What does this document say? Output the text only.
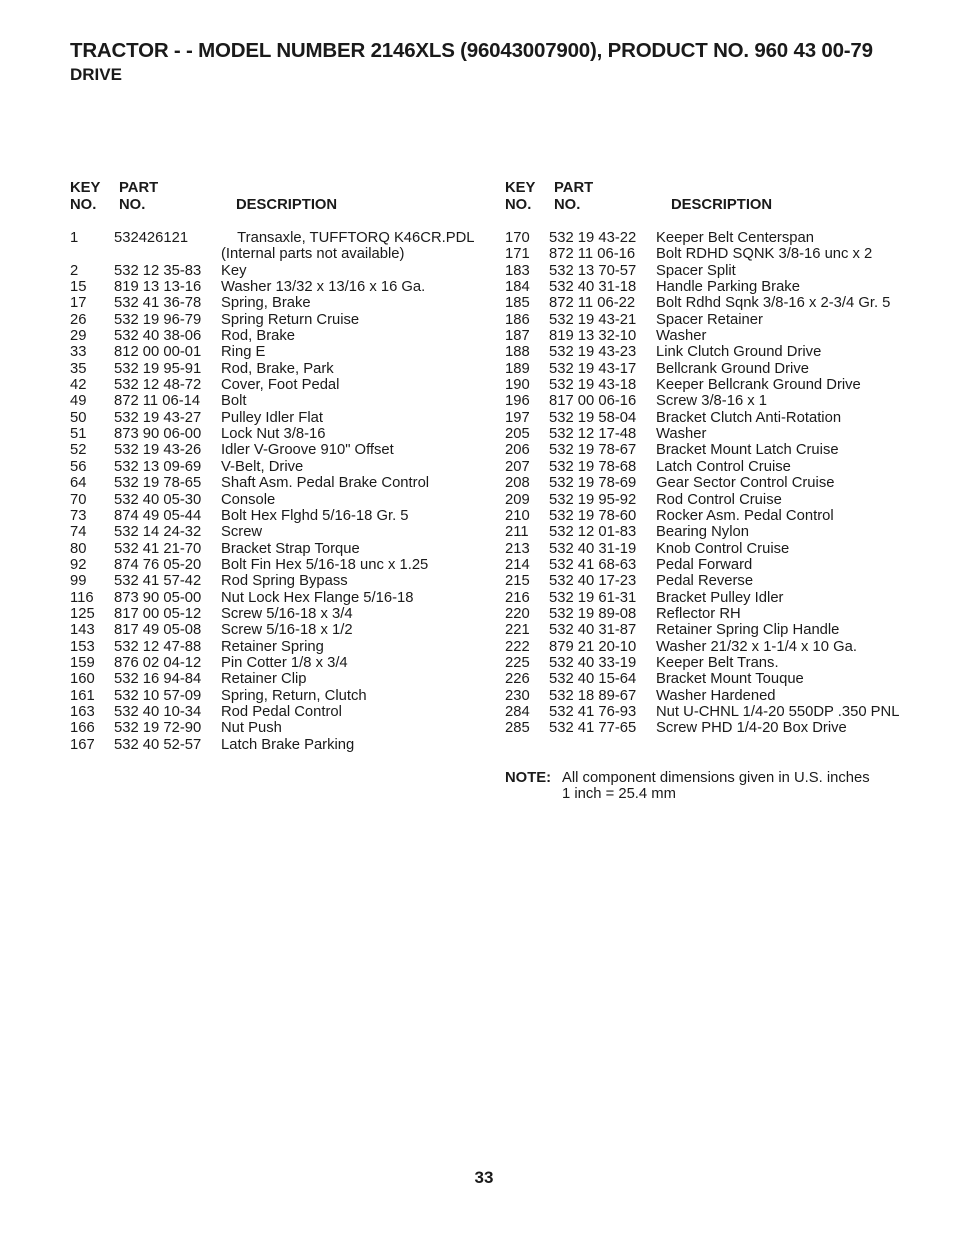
TRACTOR - - MODEL NUMBER 2146XLS (96043007900), PRODUCT NO. 960 43 00-79
DRIVE
KEY
NO.
PART
NO.	DESCRIPTION
1 532426121 Transaxle, TUFFTORQ K46CR.PDL
(Internal parts not available)
2 532 12 35-83 Key
15 819 13 13-16 Washer 13/32 x 13/16 x 16 Ga.
17 532 41 36-78 Spring, Brake
26 532 19 96-79 Spring Return Cruise
29 532 40 38-06 Rod, Brake
33 812 00 00-01 Ring E
35 532 19 95-91 Rod, Brake, Park
42 532 12 48-72 Cover, Foot Pedal
49 872 11 06-14 Bolt
50 532 19 43-27 Pulley Idler Flat
51 873 90 06-00 Lock Nut 3/8-16
52 532 19 43-26 Idler V-Groove 910" Offset
56 532 13 09-69 V-Belt, Drive
64 532 19 78-65 Shaft Asm. Pedal Brake Control
70 532 40 05-30 Console
73 874 49 05-44 Bolt Hex Flghd 5/16-18 Gr. 5
74 532 14 24-32 Screw
80 532 41 21-70 Bracket Strap Torque
92 874 76 05-20 Bolt Fin Hex 5/16-18 unc x 1.25
99 532 41 57-42 Rod Spring Bypass
116 873 90 05-00 Nut Lock Hex Flange 5/16-18
125 817 00 05-12 Screw 5/16-18 x 3/4
143 817 49 05-08 Screw 5/16-18 x 1/2
153 532 12 47-88 Retainer Spring
159 876 02 04-12 Pin Cotter 1/8 x 3/4
160 532 16 94-84 Retainer Clip
161 532 10 57-09 Spring, Return, Clutch
163 532 40 10-34 Rod Pedal Control
166 532 19 72-90 Nut Push
167 532 40 52-57 Latch Brake Parking
KEY
NO.
PART
NO.	DESCRIPTION
170 532 19 43-22 Keeper Belt Centerspan
171 872 11 06-16 Bolt RDHD SQNK 3/8-16 unc x 2
183 532 13 70-57 Spacer Split
184 532 40 31-18 Handle Parking Brake
185 872 11 06-22 Bolt Rdhd Sqnk 3/8-16 x 2-3/4 Gr. 5
186 532 19 43-21 Spacer Retainer
187 819 13 32-10 Washer
188 532 19 43-23 Link Clutch Ground Drive
189 532 19 43-17 Bellcrank Ground Drive
190 532 19 43-18 Keeper Bellcrank Ground Drive
196 817 00 06-16 Screw 3/8-16 x 1
197 532 19 58-04 Bracket Clutch Anti-Rotation
205 532 12 17-48 Washer
206 532 19 78-67 Bracket Mount Latch Cruise
207 532 19 78-68 Latch Control Cruise
208 532 19 78-69 Gear Sector Control Cruise
209 532 19 95-92 Rod Control Cruise
210 532 19 78-60 Rocker Asm. Pedal Control
211 532 12 01-83 Bearing Nylon
213 532 40 31-19 Knob Control Cruise
214 532 41 68-63 Pedal Forward
215 532 40 17-23 Pedal Reverse
216 532 19 61-31 Bracket Pulley Idler
220 532 19 89-08 Reflector RH
221 532 40 31-87 Retainer Spring Clip Handle
222 879 21 20-10 Washer 21/32 x 1-1/4 x 10 Ga.
225 532 40 33-19 Keeper Belt Trans.
226 532 40 15-64 Bracket Mount Touque
230 532 18 89-67 Washer Hardened
284 532 41 76-93 Nut U-CHNL 1/4-20 550DP .350 PNL
285 532 41 77-65 Screw PHD 1/4-20 Box Drive
NOTE: All component dimensions given in U.S. inches
1 inch = 25.4 mm
33
